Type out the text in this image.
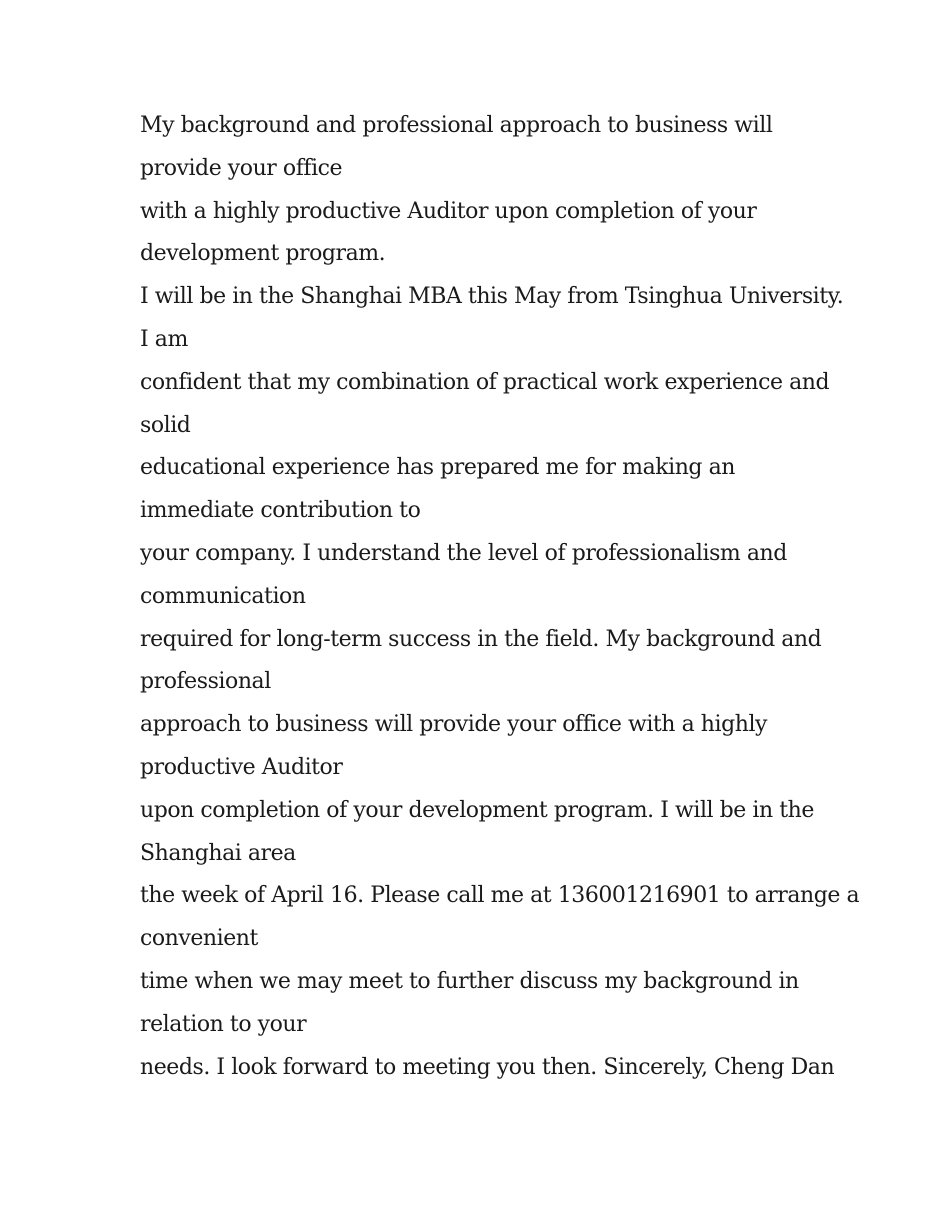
My background and professional approach to business will
provide your office
with a highly productive Auditor upon completion of your
development program.
I will be in the Shanghai MBA this May from Tsinghua University.
I am
confident that my combination of practical work experience and
solid
educational experience has prepared me for making an
immediate contribution to
your company. I understand the level of professionalism and
communication
required for long-term success in the field. My background and
professional
approach to business will provide your office with a highly
productive Auditor
upon completion of your development program. I will be in the
Shanghai area
the week of April 16. Please call me at 136001216901 to arrange a
convenient
time when we may meet to further discuss my background in
relation to your
needs. I look forward to meeting you then. Sincerely, Cheng Dan
